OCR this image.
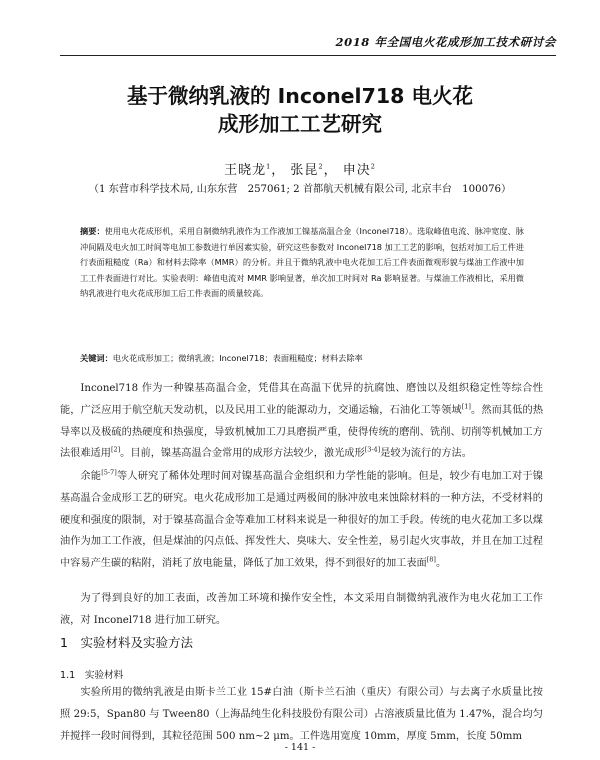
2018 年全国电火花成形加工技术研讨会
基于微纳乳液的 Inconel718 电火花
成形加工工艺研究
王晓龙$^1$， 张昆$^2$， 申决$^2$
（1 东营市科学技术局, 山东东营　257061; 2 首都航天机械有限公司, 北京丰台　100076）
摘要：使用电火花成形机，采用自制微纳乳液作为工作液加工镍基高温合金（Inconel718）。选取峰值电流、脉冲宽度、脉冲间隔及电火加工时间等电加工参数进行单因素实验，研究这些参数对 Inconel718 加工工艺的影响，包括对加工后工件进行表面粗糙度（Ra）和材料去除率（MMR）的分析。并且于微纳乳液中电火花加工后工件表面微观形貌与煤油工作液中加工工件表面进行对比。实验表明：峰值电流对 MMR 影响显著，单次加工时间对 Ra 影响显著。与煤油工作液相比，采用微纳乳液进行电火花成形加工后工件表面的质量较高。
关键词：电火花成形加工；微纳乳液；Inconel718；表面粗糙度；材料去除率

Inconel718 作为一种镍基高温合金，凭借其在高温下优异的抗腐蚀、磨蚀以及组织稳定性等综合性能，广泛应用于航空航天发动机，以及民用工业的能源动力，交通运输，石油化工等领域[1]。然而其低的热导率以及极硫的热硬度和热强度，导致机械加工刀具磨损严重，使得传统的磨削、铣削、切削等机械加工方法很难适用[2]。目前，镍基高温合金常用的成形方法较少，激光成形[3-4]是较为流行的方法。

余能[5-7]等人研究了稀体处理时间对镍基高温合金组织和力学性能的影响。但是，较少有电加工对于镍基高温合金成形工艺的研究。电火花成形加工是通过两极间的脉冲放电来蚀除材料的一种方法，不受材料的硬度和强度的限制，对于镍基高温合金等难加工材料来说是一种很好的加工手段。传统的电火花加工多以煤油作为加工工作液，但是煤油的闪点低、挥发性大、臭味大、安全性差，易引起火灾事故，并且在加工过程中容易产生碳的粘附，消耗了放电能量，降低了加工效果，得不到很好的加工表面[8]。

为了得到良好的加工表面，改善加工环境和操作安全性，本文采用自制微纳乳液作为电火花加工工作液，对 Inconel718 进行加工研究。

1  实验材料及实验方法
1.1  实验材料

实验所用的微纳乳液是由斯卡兰工业 15#白油（斯卡兰石油（重庆）有限公司）与去离子水质量比按照 29:5，Span80 与 Tween80（上海晶纯生化科技股份有限公司）占溶液质量比值为 1.47%，混合均匀并搅拌一段时间得到，其粒径范围 500 nm~2 μm。工件选用宽度 10mm，厚度 5mm，长度 50mm

- 141 -
